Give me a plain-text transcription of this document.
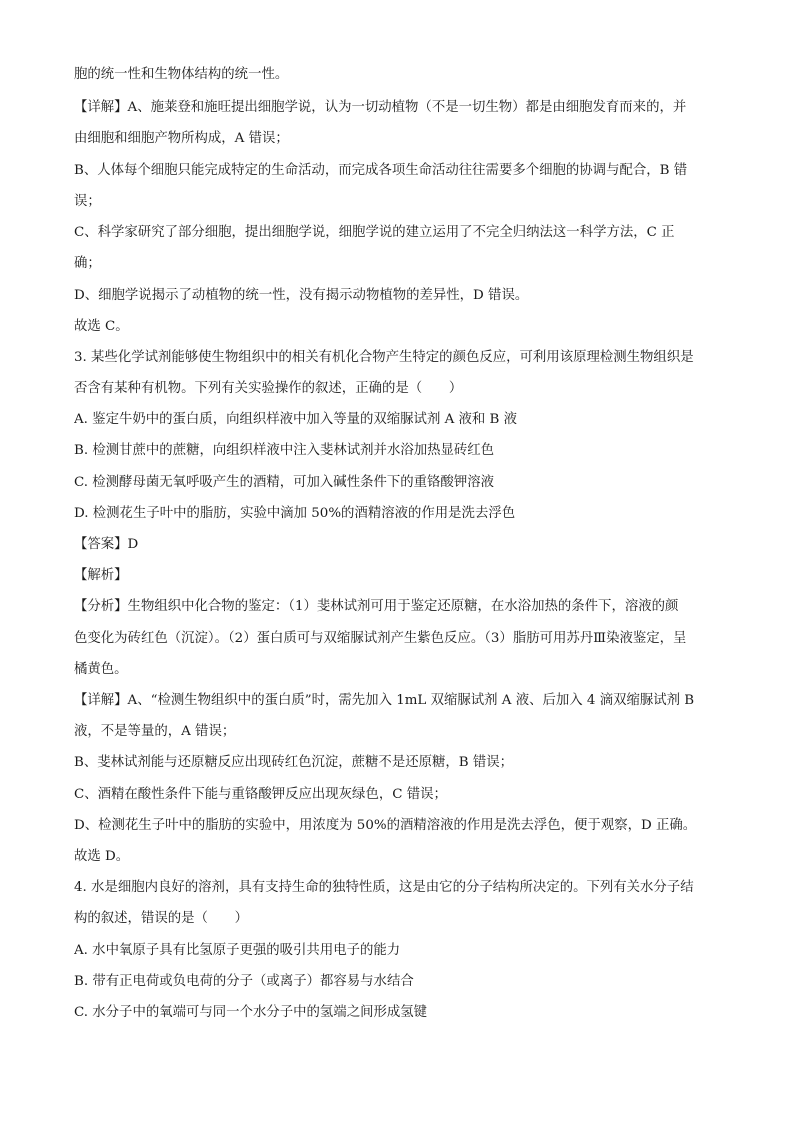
胞的统一性和生物体结构的统一性。
【详解】A、施莱登和施旺提出细胞学说，认为一切动植物（不是一切生物）都是由细胞发育而来的，并
由细胞和细胞产物所构成，A 错误；
B、人体每个细胞只能完成特定的生命活动，而完成各项生命活动往往需要多个细胞的协调与配合，B 错
误；
C、科学家研究了部分细胞，提出细胞学说，细胞学说的建立运用了不完全归纳法这一科学方法，C 正
确；
D、细胞学说揭示了动植物的统一性，没有揭示动物植物的差异性，D 错误。
故选 C。
3. 某些化学试剂能够使生物组织中的相关有机化合物产生特定的颜色反应，可利用该原理检测生物组织是
否含有某种有机物。下列有关实验操作的叙述，正确的是（　　）
A. 鉴定牛奶中的蛋白质，向组织样液中加入等量的双缩脲试剂 A 液和 B 液
B. 检测甘蔗中的蔗糖，向组织样液中注入斐林试剂并水浴加热显砖红色
C. 检测酵母菌无氧呼吸产生的酒精，可加入碱性条件下的重铬酸钾溶液
D. 检测花生子叶中的脂肪，实验中滴加 50%的酒精溶液的作用是洗去浮色
【答案】D
【解析】
【分析】生物组织中化合物的鉴定：（1）斐林试剂可用于鉴定还原糖，在水浴加热的条件下，溶液的颜
色变化为砖红色（沉淀）。（2）蛋白质可与双缩脲试剂产生紫色反应。（3）脂肪可用苏丹Ⅲ染液鉴定，呈
橘黄色。
【详解】A、“检测生物组织中的蛋白质”时，需先加入 1mL 双缩脲试剂 A 液、后加入 4 滴双缩脲试剂 B
液，不是等量的，A 错误；
B、斐林试剂能与还原糖反应出现砖红色沉淀，蔗糖不是还原糖，B 错误；
C、酒精在酸性条件下能与重铬酸钾反应出现灰绿色，C 错误；
D、检测花生子叶中的脂肪的实验中，用浓度为 50%的酒精溶液的作用是洗去浮色，便于观察，D 正确。
故选 D。
4. 水是细胞内良好的溶剂，具有支持生命的独特性质，这是由它的分子结构所决定的。下列有关水分子结
构的叙述，错误的是（　　）
A. 水中氧原子具有比氢原子更强的吸引共用电子的能力
B. 带有正电荷或负电荷的分子（或离子）都容易与水结合
C. 水分子中的氧端可与同一个水分子中的氢端之间形成氢键
